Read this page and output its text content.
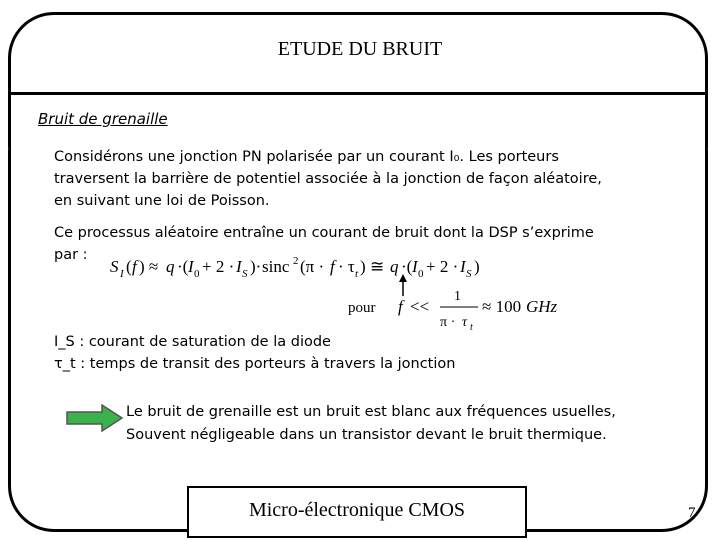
ETUDE DU BRUIT
Bruit de grenaille
Considérons une jonction PN polarisée par un courant I₀. Les porteurs
traversent la barrière de potentiel associée à la jonction de façon aléatoire,
en suivant une loi de Poisson.
Ce processus aléatoire entraîne un courant de bruit dont la DSP s’exprime
par :
S I ( f ) ≈ q ·( I 0 + 2 · I S )· sinc 2 (π · f · τ t ) ≅ q ·( I 0 + 2 · I S )
pour f <<
1
π · τ t
≈ 100 GHz
I_S : courant de saturation de la diode
τ_t : temps de transit des porteurs à travers la jonction
Le bruit de grenaille est un bruit est blanc aux fréquences usuelles,
Souvent négligeable dans un transistor devant le bruit thermique.
Micro-électronique CMOS	7
